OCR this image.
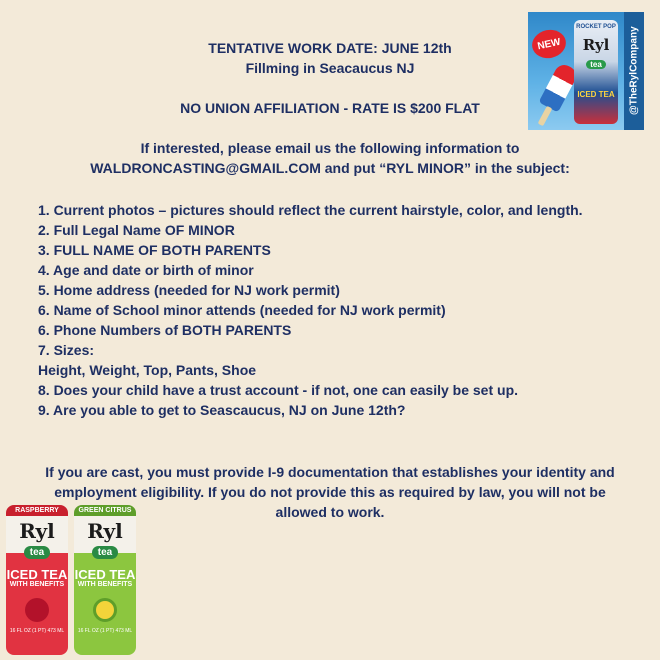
TENTATIVE WORK DATE: JUNE 12th
Fillming in Seacaucus NJ
NO UNION AFFILIATION - RATE IS $200 FLAT
If interested, please email us the following information to
WALDRONCASTING@GMAIL.COM and put “RYL MINOR” in the subject:
1. Current photos – pictures should reflect the current hairstyle, color, and length.
2. Full Legal Name OF MINOR
3. FULL NAME OF BOTH PARENTS
4. Age and date or birth of minor
5. Home address (needed for NJ work permit)
6. Name of School minor attends (needed for NJ work permit)
6. Phone Numbers of BOTH PARENTS
7. Sizes:
Height, Weight, Top, Pants, Shoe
8. Does your child have a trust account - if not, one can easily be set up.
9. Are you able to get to Seascaucus, NJ on June 12th?
If you are cast, you must provide I-9 documentation that establishes your identity and employment eligibility. If you do not provide this as required by law, you will not be allowed to work.
NEW
ROCKET POP
Ryl
tea
ICED TEA	@TheRylCompany
RASPBERRY
Ryl
tea
ICED TEA
WITH BENEFITS
16 FL OZ (1 PT) 473 ML
GREEN CITRUS
Ryl
tea
ICED TEA
WITH BENEFITS
16 FL OZ (1 PT) 473 ML
